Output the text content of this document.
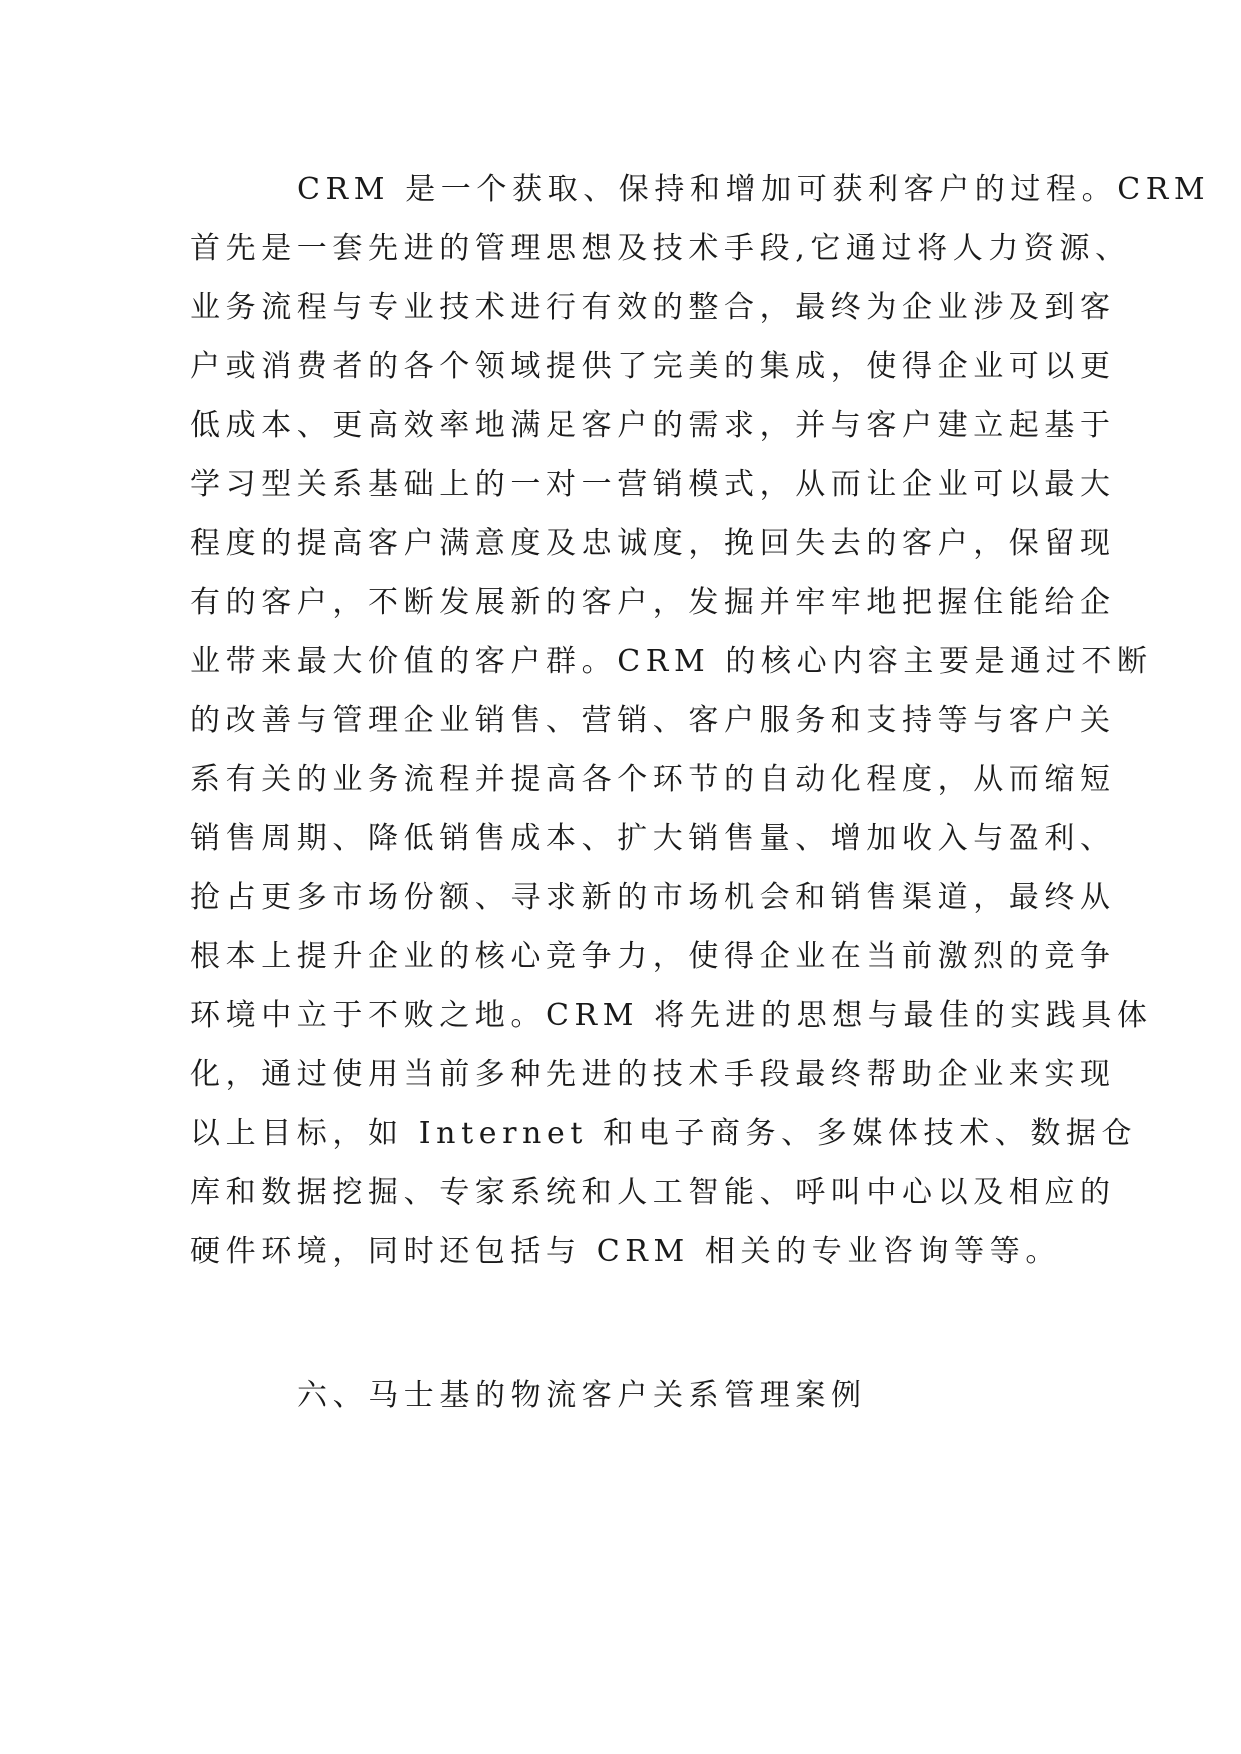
CRM 是一个获取、保持和增加可获利客户的过程。CRM
首先是一套先进的管理思想及技术手段,它通过将人力资源、
业务流程与专业技术进行有效的整合，最终为企业涉及到客
户或消费者的各个领域提供了完美的集成，使得企业可以更
低成本、更高效率地满足客户的需求，并与客户建立起基于
学习型关系基础上的一对一营销模式，从而让企业可以最大
程度的提高客户满意度及忠诚度，挽回失去的客户，保留现
有的客户，不断发展新的客户，发掘并牢牢地把握住能给企
业带来最大价值的客户群。CRM 的核心内容主要是通过不断
的改善与管理企业销售、营销、客户服务和支持等与客户关
系有关的业务流程并提高各个环节的自动化程度，从而缩短
销售周期、降低销售成本、扩大销售量、增加收入与盈利、
抢占更多市场份额、寻求新的市场机会和销售渠道，最终从
根本上提升企业的核心竞争力，使得企业在当前激烈的竞争
环境中立于不败之地。CRM 将先进的思想与最佳的实践具体
化，通过使用当前多种先进的技术手段最终帮助企业来实现
以上目标，如 Internet 和电子商务、多媒体技术、数据仓
库和数据挖掘、专家系统和人工智能、呼叫中心以及相应的
硬件环境，同时还包括与 CRM 相关的专业咨询等等。
六、马士基的物流客户关系管理案例
